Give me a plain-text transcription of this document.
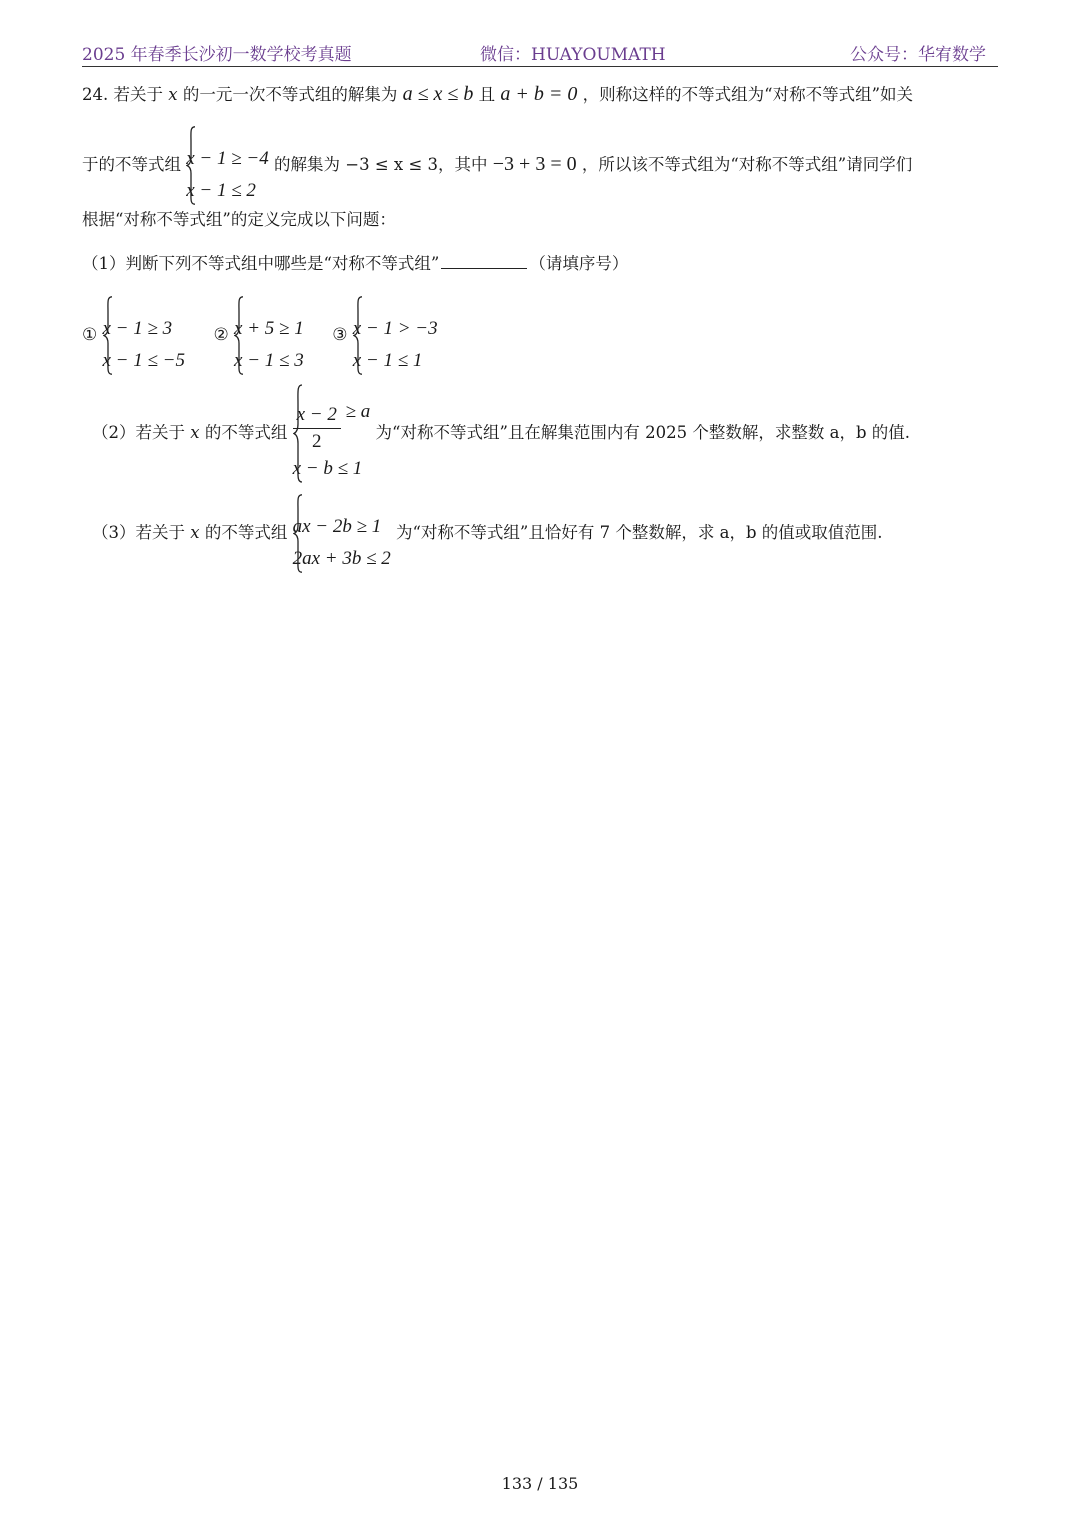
2025 年春季长沙初一数学校考真题	微信：HUAYOUMATH	公众号：华宥数学
24. 若关于 x 的一元一次不等式组的解集为 a ≤ x ≤ b 且 a + b = 0 ，则称这样的不等式组为“对称不等式组”如关
于的不等式组 x − 1 ≥ −4
x − 1 ≤ 2
的解集为 −3 ≤ x ≤ 3，其中 −3 + 3 = 0 ，所以该不等式组为“对称不等式组”请同学们
根据“对称不等式组”的定义完成以下问题：
（1）判断下列不等式组中哪些是“对称不等式组”	（请填序号）
① x − 1 ≥ 3
x − 1 ≤ −5
② x + 5 ≥ 1
x − 1 ≤ 3
③ x − 1 > −3
x − 1 ≤ 1
（2）若关于 x 的不等式组 $\frac{x - 2}{2} \ge a$
x − b ≤ 1
为“对称不等式组”且在解集范围内有 2025 个整数解，求整数 a，b 的值.
（3）若关于 x 的不等式组 ax − 2b ≥ 1
2ax + 3b ≤ 2
为“对称不等式组”且恰好有 7 个整数解，求 a，b 的值或取值范围.
133 / 135
